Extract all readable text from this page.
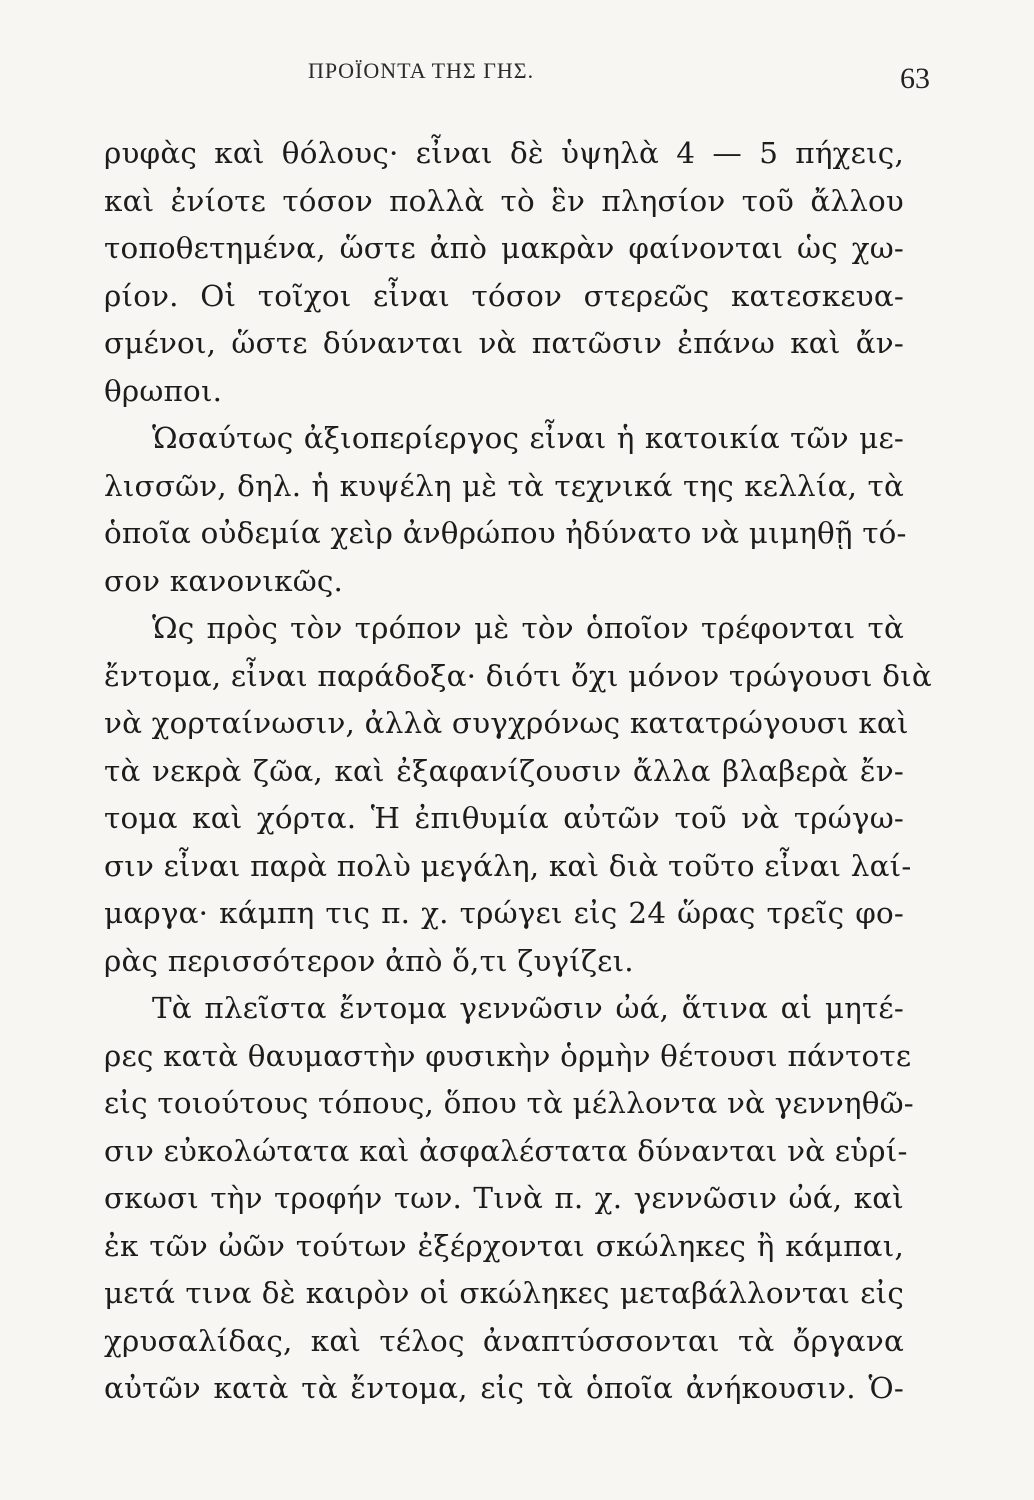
ΠΡΟΪΟΝΤΑ ΤΗΣ ΓΗΣ.	63
ρυφὰς καὶ θόλους· εἶναι δὲ ὑψηλὰ 4 — 5 πήχεις,
καὶ ἐνίοτε τόσον πολλὰ τὸ ἓν πλησίον τοῦ ἄλλου
τοποθετημένα, ὥστε ἀπὸ μακρὰν φαίνονται ὡς χω-
ρίον. Οἱ τοῖχοι εἶναι τόσον στερεῶς κατεσκευα-
σμένοι, ὥστε δύνανται νὰ πατῶσιν ἐπάνω καὶ ἄν-
θρωποι.
Ὡσαύτως ἀξιοπερίεργος εἶναι ἡ κατοικία τῶν με-
λισσῶν, δηλ. ἡ κυψέλη μὲ τὰ τεχνικά της κελλία, τὰ
ὁποῖα οὐδεμία χεὶρ ἀνθρώπου ἠδύνατο νὰ μιμηθῇ τό-
σον κανονικῶς.
Ὡς πρὸς τὸν τρόπον μὲ τὸν ὁποῖον τρέφονται τὰ
ἔντομα, εἶναι παράδοξα· διότι ὄχι μόνον τρώγουσι διὰ
νὰ χορταίνωσιν, ἀλλὰ συγχρόνως κατατρώγουσι καὶ
τὰ νεκρὰ ζῶα, καὶ ἐξαφανίζουσιν ἄλλα βλαβερὰ ἔν-
τομα καὶ χόρτα. Ἡ ἐπιθυμία αὐτῶν τοῦ νὰ τρώγω-
σιν εἶναι παρὰ πολὺ μεγάλη, καὶ διὰ τοῦτο εἶναι λαί-
μαργα· κάμπη τις π. χ. τρώγει εἰς 24 ὥρας τρεῖς φο-
ρὰς περισσότερον ἀπὸ ὅ,τι ζυγίζει.
Τὰ πλεῖστα ἔντομα γεννῶσιν ὠά, ἅτινα αἱ μητέ-
ρες κατὰ θαυμαστὴν φυσικὴν ὁρμὴν θέτουσι πάντοτε
εἰς τοιούτους τόπους, ὅπου τὰ μέλλοντα νὰ γεννηθῶ-
σιν εὐκολώτατα καὶ ἀσφαλέστατα δύνανται νὰ εὑρί-
σκωσι τὴν τροφήν των. Τινὰ π. χ. γεννῶσιν ὠά, καὶ
ἐκ τῶν ὠῶν τούτων ἐξέρχονται σκώληκες ἢ κάμπαι,
μετά τινα δὲ καιρὸν οἱ σκώληκες μεταβάλλονται εἰς
χρυσαλίδας, καὶ τέλος ἀναπτύσσονται τὰ ὄργανα
αὐτῶν κατὰ τὰ ἔντομα, εἰς τὰ ὁποῖα ἀνήκουσιν. Ὁ-
